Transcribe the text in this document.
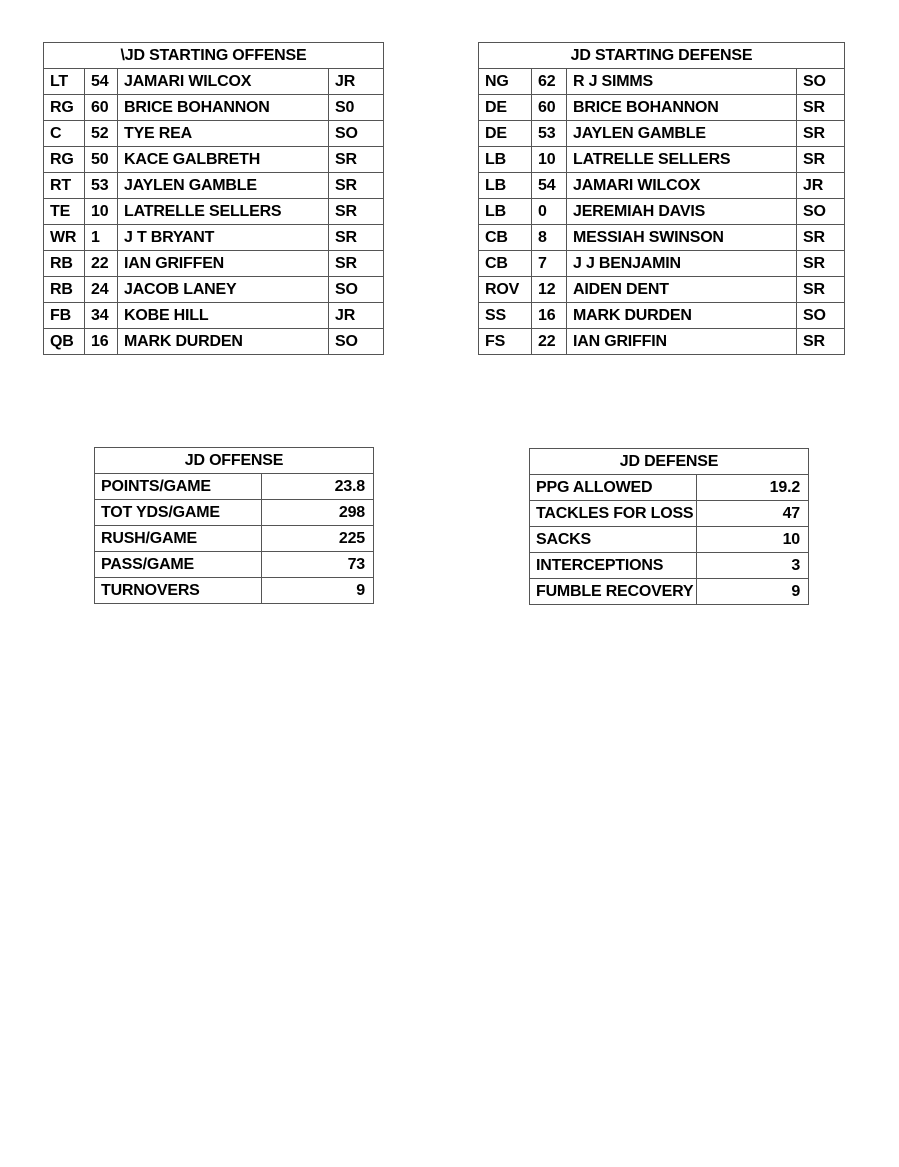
\JD STARTING OFFENSE			
LT	54	JAMARI WILCOX	JR
RG	60	BRICE BOHANNON	S0
C	52	TYE REA	SO
RG	50	KACE GALBRETH	SR
RT	53	JAYLEN GAMBLE	SR
TE	10	LATRELLE SELLERS	SR
WR	1	J T BRYANT	SR
RB	22	IAN GRIFFEN	SR
RB	24	JACOB LANEY	SO
FB	34	KOBE HILL	JR
QB	16	MARK DURDEN	SO
JD STARTING DEFENSE			
NG	62	R J SIMMS	SO
DE	60	BRICE BOHANNON	SR
DE	53	JAYLEN GAMBLE	SR
LB	10	LATRELLE SELLERS	SR
LB	54	JAMARI WILCOX	JR
LB	0	JEREMIAH DAVIS	SO
CB	8	MESSIAH SWINSON	SR
CB	7	J J BENJAMIN	SR
ROV	12	AIDEN DENT	SR
SS	16	MARK DURDEN	SO
FS	22	IAN GRIFFIN	SR
JD OFFENSE	
POINTS/GAME	23.8
TOT YDS/GAME	298
RUSH/GAME	225
PASS/GAME	73
TURNOVERS	9
JD DEFENSE	
PPG ALLOWED	19.2
TACKLES FOR LOSS	47
SACKS	10
INTERCEPTIONS	3
FUMBLE RECOVERY	9
